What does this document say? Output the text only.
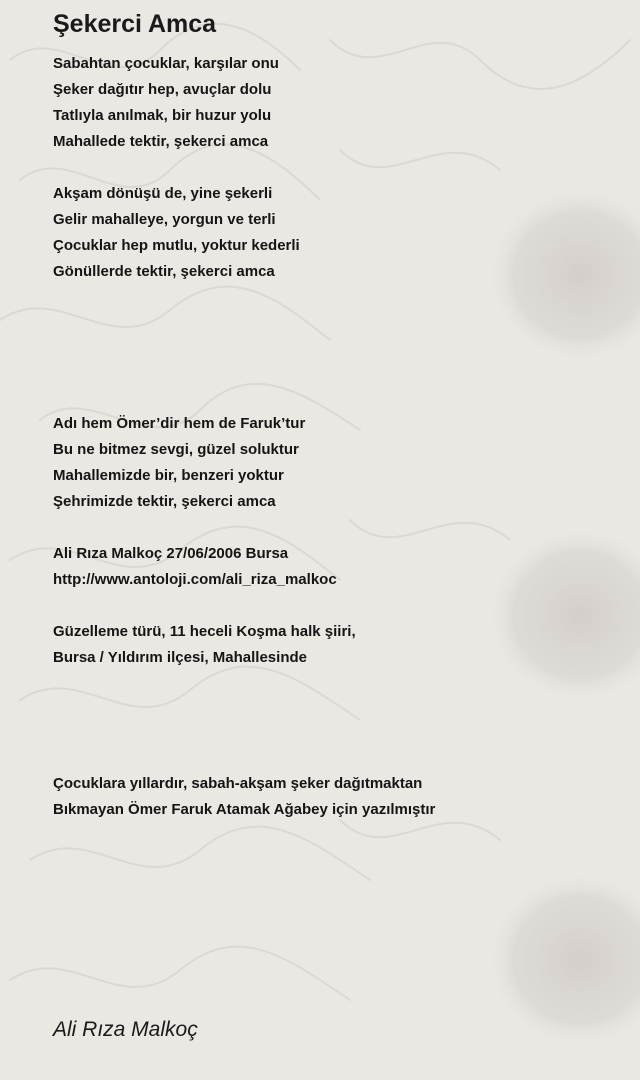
Şekerci Amca
Sabahtan çocuklar, karşılar onu
Şeker dağıtır hep, avuçlar dolu
Tatlıyla anılmak, bir huzur yolu
Mahallede tektir, şekerci amca
Akşam dönüşü de, yine şekerli
Gelir mahalleye, yorgun ve terli
Çocuklar hep mutlu, yoktur kederli
Gönüllerde tektir, şekerci amca
Adı hem Ömer’dir hem de Faruk’tur
Bu ne bitmez sevgi, güzel soluktur
Mahallemizde bir, benzeri yoktur
Şehrimizde tektir, şekerci amca
Ali Rıza Malkoç 27/06/2006 Bursa
http://www.antoloji.com/ali_riza_malkoc
Güzelleme türü, 11 heceli Koşma halk şiiri,
Bursa / Yıldırım ilçesi, Mahallesinde
Çocuklara yıllardır, sabah-akşam şeker dağıtmaktan
Bıkmayan Ömer Faruk Atamak Ağabey için yazılmıştır
Ali Rıza Malkoç
